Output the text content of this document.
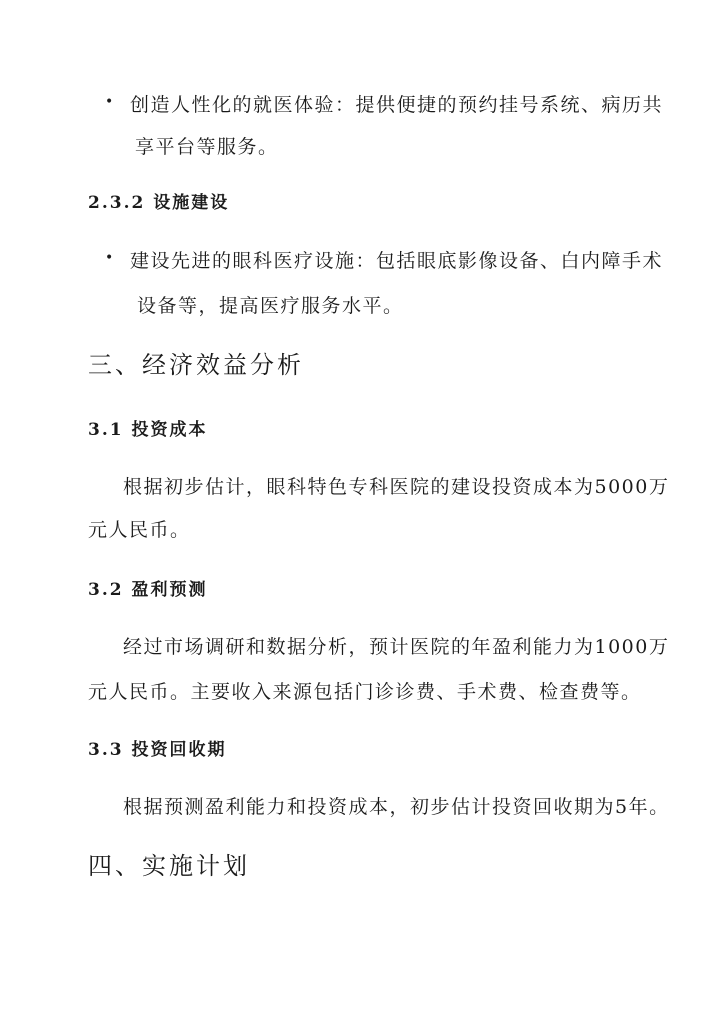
• 创造人性化的就医体验：提供便捷的预约挂号系统、病历共
享平台等服务。
2.3.2 设施建设
• 建设先进的眼科医疗设施：包括眼底影像设备、白内障手术
设备等，提高医疗服务水平。
三、经济效益分析
3.1 投资成本
根据初步估计，眼科特色专科医院的建设投资成本为5000万
元人民币。
3.2 盈利预测
经过市场调研和数据分析，预计医院的年盈利能力为1000万
元人民币。主要收入来源包括门诊诊费、手术费、检查费等。
3.3 投资回收期
根据预测盈利能力和投资成本，初步估计投资回收期为5年。
四、实施计划
